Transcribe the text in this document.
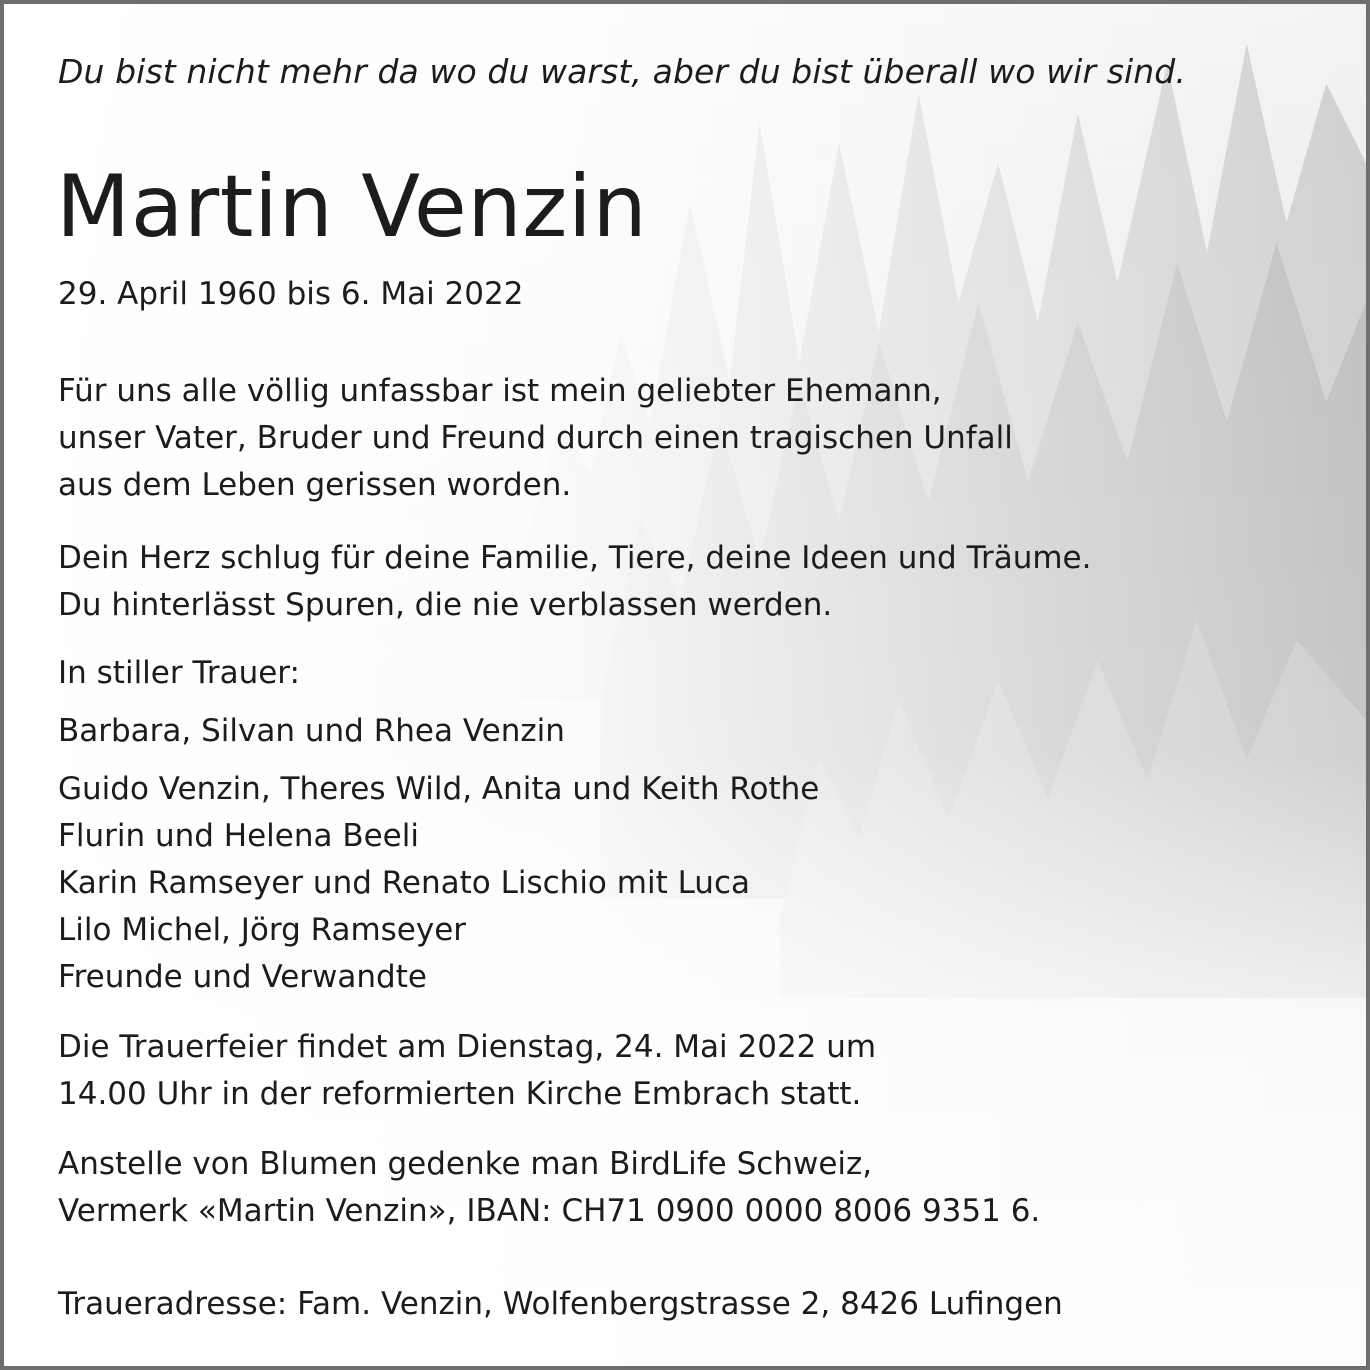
Du bist nicht mehr da wo du warst, aber du bist überall wo wir sind.
Martin Venzin
29. April 1960 bis 6. Mai 2022
Für uns alle völlig unfassbar ist mein geliebter Ehemann,
unser Vater, Bruder und Freund durch einen tragischen Unfall
aus dem Leben gerissen worden.
Dein Herz schlug für deine Familie, Tiere, deine Ideen und Träume.
Du hinterlässt Spuren, die nie verblassen werden.
In stiller Trauer:
Barbara, Silvan und Rhea Venzin
Guido Venzin, Theres Wild, Anita und Keith Rothe
Flurin und Helena Beeli
Karin Ramseyer und Renato Lischio mit Luca
Lilo Michel, Jörg Ramseyer
Freunde und Verwandte
Die Trauerfeier findet am Dienstag, 24. Mai 2022 um
14.00 Uhr in der reformierten Kirche Embrach statt.
Anstelle von Blumen gedenke man BirdLife Schweiz,
Vermerk «Martin Venzin», IBAN: CH71 0900 0000 8006 9351 6.
Traueradresse: Fam. Venzin, Wolfenbergstrasse 2, 8426 Lufingen
